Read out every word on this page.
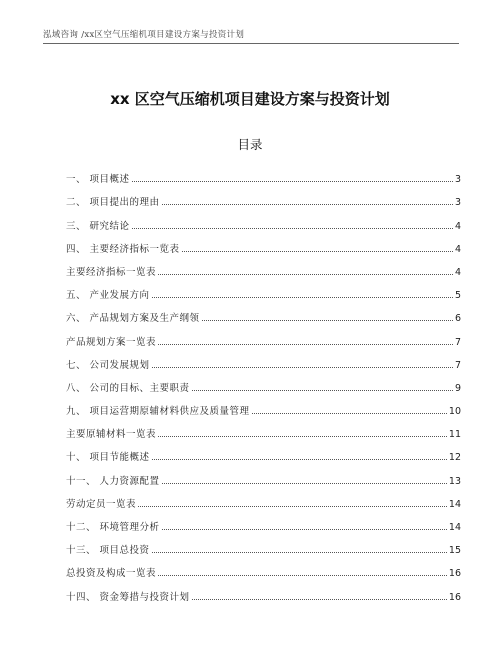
泓域咨询 /xx区空气压缩机项目建设方案与投资计划
xx 区空气压缩机项目建设方案与投资计划
目录
一、 项目概述	3
二、 项目提出的理由	3
三、 研究结论	4
四、 主要经济指标一览表	4
主要经济指标一览表	4
五、 产业发展方向	5
六、 产品规划方案及生产纲领	6
产品规划方案一览表	7
七、 公司发展规划	7
八、 公司的目标、主要职责	9
九、 项目运营期原辅材料供应及质量管理	10
主要原辅材料一览表	11
十、 项目节能概述	12
十一、 人力资源配置	13
劳动定员一览表	14
十二、 环境管理分析	14
十三、 项目总投资	15
总投资及构成一览表	16
十四、 资金筹措与投资计划	16
